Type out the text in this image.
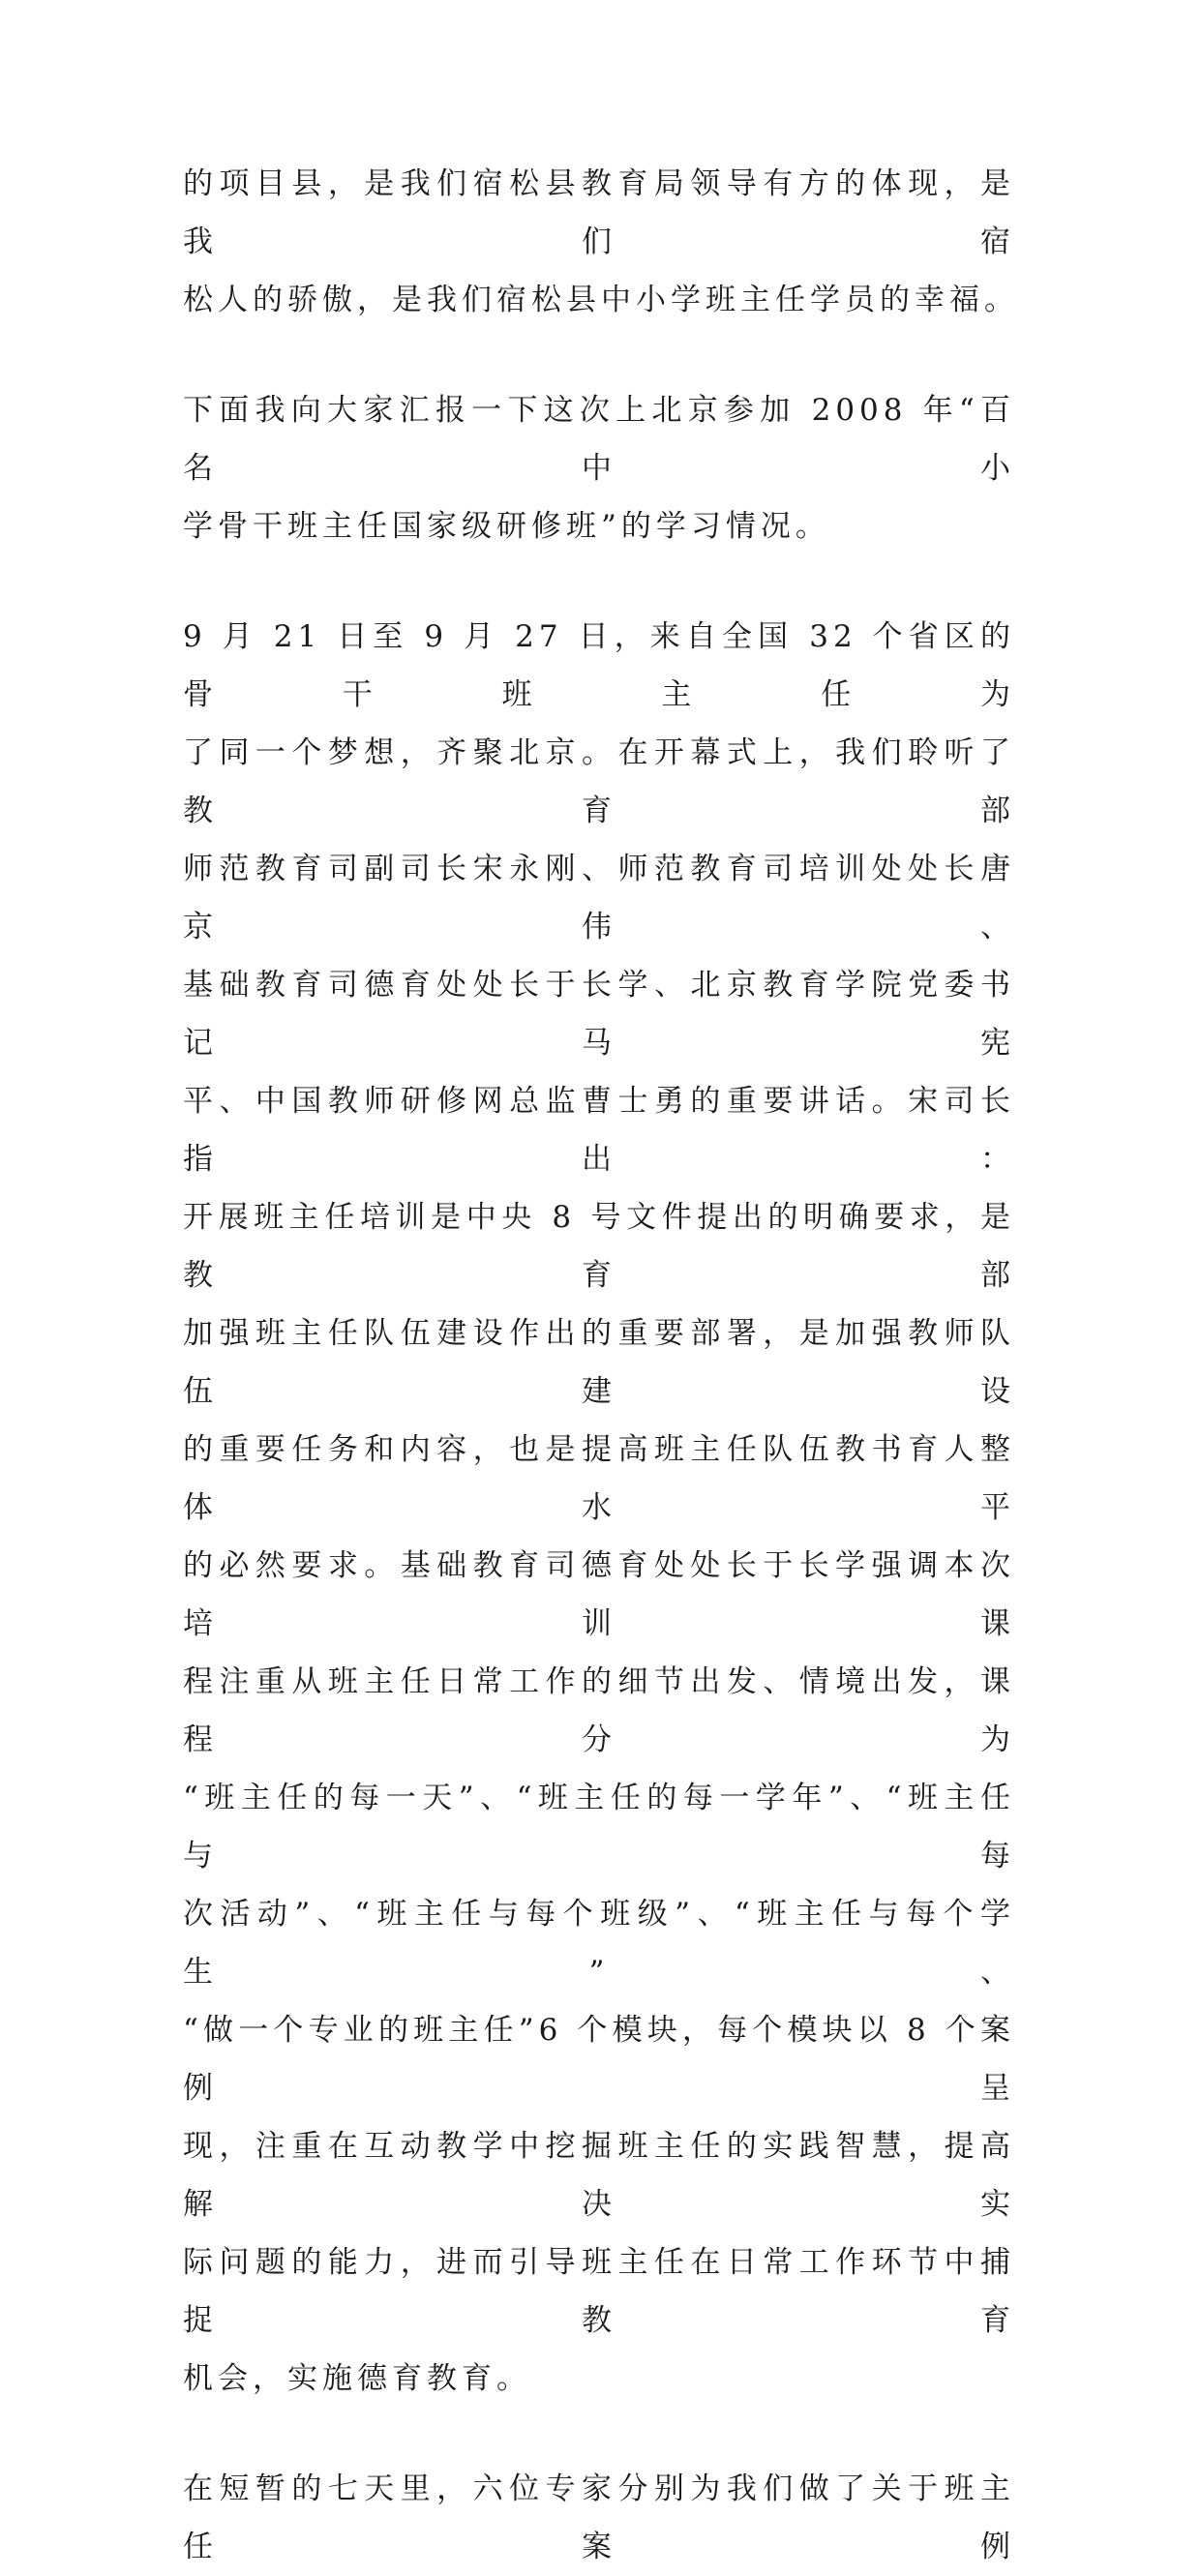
的项目县，是我们宿松县教育局领导有方的体现，是我们宿
松人的骄傲，是我们宿松县中小学班主任学员的幸福。

下面我向大家汇报一下这次上北京参加 2008 年“百名中小
学骨干班主任国家级研修班”的学习情况。

9 月 21 日至 9 月 27 日，来自全国 32 个省区的骨干班主任为
了同一个梦想，齐聚北京。在开幕式上，我们聆听了教育部
师范教育司副司长宋永刚、师范教育司培训处处长唐京伟、
基础教育司德育处处长于长学、北京教育学院党委书记马宪
平、中国教师研修网总监曹士勇的重要讲话。宋司长指出：
开展班主任培训是中央 8 号文件提出的明确要求，是教育部
加强班主任队伍建设作出的重要部署，是加强教师队伍建设
的重要任务和内容，也是提高班主任队伍教书育人整体水平
的必然要求。基础教育司德育处处长于长学强调本次培训课
程注重从班主任日常工作的细节出发、情境出发，课程分为
“班主任的每一天”、“班主任的每一学年”、“班主任与每
次活动”、“班主任与每个班级”、“班主任与每个学生”、
“做一个专业的班主任”6 个模块，每个模块以 8 个案例呈
现，注重在互动教学中挖掘班主任的实践智慧，提高解决实
际问题的能力，进而引导班主任在日常工作环节中捕捉教育
机会，实施德育教育。

在短暂的七天里，六位专家分别为我们做了关于班主任案例
